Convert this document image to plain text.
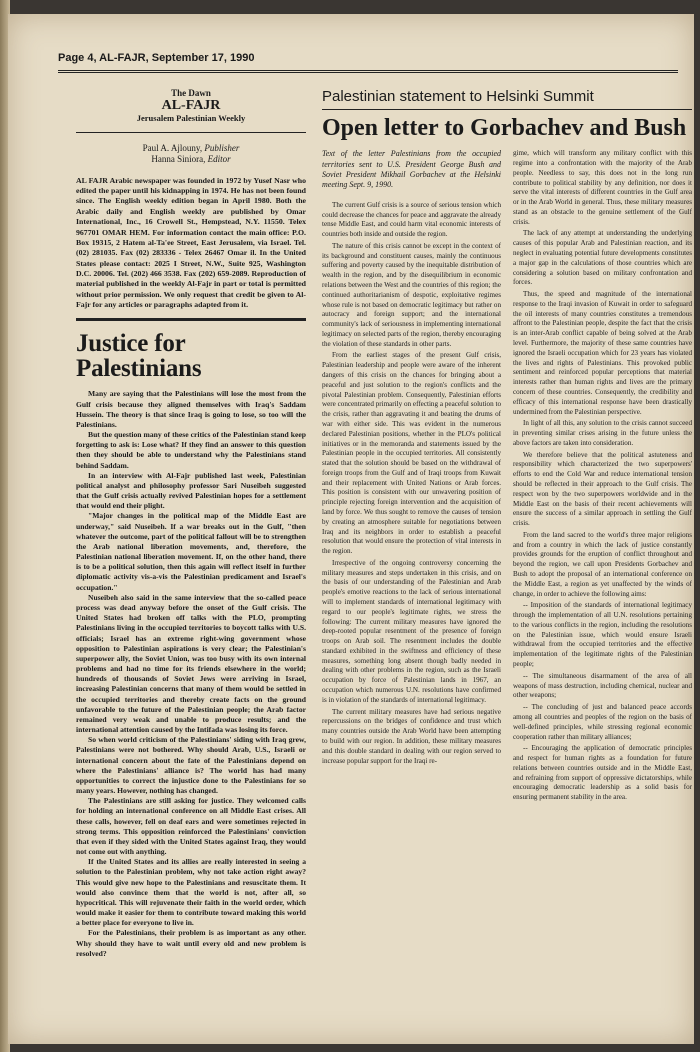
Page 4, AL-FAJR, September 17, 1990
The Dawn
AL-FAJR
Jerusalem Palestinian Weekly
Paul A. Ajlouny, Publisher
Hanna Siniora, Editor
AL FAJR Arabic newspaper was founded in 1972 by Yusef Nasr who edited the paper until his kidnapping in 1974. He has not been found since. The English weekly edition began in April 1980. Both the Arabic daily and English weekly are published by Omar International, Inc., 16 Crowell St., Hempstead, N.Y. 11550. Telex 967701 OMAR HEM. For information contact the main office: P.O. Box 19315, 2 Hatem al-Ta'ee Street, East Jerusalem, via Israel. Tel. (02) 281035. Fax (02) 283336 - Telex 26467 Omar il. In the United States please contact: 2025 I Street, N.W., Suite 925, Washington D.C. 20006. Tel. (202) 466 3538. Fax (202) 659-2089. Reproduction of material published in the weekly Al-Fajr in part or total is permitted without prior permission. We only request that credit be given to Al-Fajr for any articles or paragraphs adapted from it.
Justice for Palestinians

Many are saying that the Palestinians will lose the most from the Gulf crisis because they aligned themselves with Iraq's Saddam Hussein. The theory is that since Iraq is going to lose, so too will the Palestinians.

But the question many of these critics of the Palestinian stand keep forgetting to ask is: Lose what? If they find an answer to this question then they should be able to understand why the Palestinians stand behind Saddam.

In an interview with Al-Fajr published last week, Palestinian political analyst and philosophy professor Sari Nuseibeh suggested that the Gulf crisis actually revived Palestinian hopes for a settlement that would end their plight.

"Major changes in the political map of the Middle East are underway," said Nuseibeh. If a war breaks out in the Gulf, "then whatever the outcome, part of the political fallout will be to strengthen the Arab national liberation movements, and, therefore, the Palestinian national liberation movement. If, on the other hand, there is to be a political solution, then this again will reflect itself in further diplomatic activity vis-a-vis the Palestinian predicament and Israel's occupation."

Nuseibeh also said in the same interview that the so-called peace process was dead anyway before the onset of the Gulf crisis. The United States had broken off talks with the PLO, prompting Palestinians living in the occupied territories to boycott talks with U.S. officials; Israel has an extreme right-wing government whose opposition to Palestinian aspirations is very clear; the Palestinian's superpower ally, the Soviet Union, was too busy with its own internal problems and had no time for its friends elsewhere in the world; hundreds of thousands of Soviet Jews were arriving in Israel, increasing Palestinian concerns that many of them would be settled in the occupied territories and thereby create facts on the ground unfavorable to the future of the Palestinian people; the Arab factor remained very weak and unable to produce results; and the international attention caused by the Intifada was losing its force.

So when world criticism of the Palestinians' siding with Iraq grew, Palestinians were not bothered. Why should Arab, U.S., Israeli or international concern about the fate of the Palestinians depend on where the Palestinians' alliance is? The world has had many opportunities to correct the injustice done to the Palestinians for so many years. However, nothing has changed.

The Palestinians are still asking for justice. They welcomed calls for holding an international conference on all Middle East crises. All these calls, however, fell on deaf ears and were sometimes rejected in strong terms. This opposition reinforced the Palestinians' conviction that even if they sided with the United States against Iraq, they would not come out with anything.

If the United States and its allies are really interested in seeing a solution to the Palestinian problem, why not take action right away? This would give new hope to the Palestinians and resuscitate them. It would also convince them that the world is not, after all, so hypocritical. This will rejuvenate their faith in the world order, which would make it easier for them to contribute toward making this world a better place for everyone to live in.

For the Palestinians, their problem is as important as any other. Why should they have to wait until every old and new problem is resolved?

Palestinian statement to Helsinki Summit
Open letter to Gorbachev and Bush

Text of the letter Palestinians from the occupied territories sent to U.S. President George Bush and Soviet President Mikhail Gorbachev at the Helsinki meeting Sept. 9, 1990.

The current Gulf crisis is a source of serious tension which could decrease the chances for peace and aggravate the already tense Middle East, and could harm vital economic interests of countries both inside and outside the region.

The nature of this crisis cannot be except in the context of its background and constituent causes, mainly the continuous suffering and poverty caused by the inequitable distribution of wealth in the region, and by the disequilibrium in economic relations between the West and the countries of this region; the continued authoritarianism of despotic, exploitative regimes whose rule is not based on democratic legitimacy but rather on autocracy and foreign support; and the international community's lack of seriousness in implementing international legitimacy on selected parts of the region, thereby encouraging the violation of these standards in other parts.

From the earliest stages of the present Gulf crisis, Palestinian leadership and people were aware of the inherent dangers of this crisis on the chances for bringing about a peaceful and just solution to the region's conflicts and the pivotal Palestinian problem. Consequently, Palestinian efforts were concentrated primarily on effecting a peaceful solution to the crisis, rather than aggravating it and beating the drums of war with either side. This was evident in the numerous declared Palestinian positions, whether in the PLO's political initiatives or in the memoranda and statements issued by the Palestinian people in the occupied territories. All consistently stated that the solution should be based on the withdrawal of foreign troops from the Gulf and of Iraqi troops from Kuwait and their replacement with United Nations or Arab forces. This position is consistent with our unwavering position of principle rejecting foreign intervention and the acquisition of land by force. We thus sought to remove the causes of tension by creating an atmosphere suitable for negotiations between Iraq and its neighbors in order to establish a peaceful resolution that would ensure the protection of vital interests in the region.

Irrespective of the ongoing controversy concerning the military measures and steps undertaken in this crisis, and on the basis of our understanding of the Palestinian and Arab people's emotive reactions to the lack of serious international will to implement standards of international legitimacy with regard to our people's legitimate rights, we stress the following: The current military measures have ignored the deep-rooted popular resentment of the presence of foreign troops on Arab soil. The resentment includes the double standard exhibited in the swiftness and efficiency of these measures, something long absent though badly needed in dealing with other problems in the region, such as the Israeli occupation by force of Palestinian lands in 1967, an occupation which numerous U.N. resolutions have confirmed is in violation of the standards of international legitimacy.

The current military measures have had serious negative repercussions on the bridges of confidence and trust which many countries outside the Arab World have been attempting to build with our region. In addition, these military measures and this double standard in dealing with our region served to increase popular support for the Iraqi re-

gime, which will transform any military conflict with this regime into a confrontation with the majority of the Arab people. Needless to say, this does not in the long run contribute to political stability by any definition, nor does it serve the vital interests of different countries in the Gulf area or in the Arab World in general. Thus, these military measures stand as an obstacle to the genuine settlement of the Gulf crisis.

The lack of any attempt at understanding the underlying causes of this popular Arab and Palestinian reaction, and its neglect in evaluating potential future developments constitutes a major gap in the calculations of those countries which are considering a solution based on military confrontation and forces.

Thus, the speed and magnitude of the international response to the Iraqi invasion of Kuwait in order to safeguard the oil interests of many countries constitutes a tremendous affront to the Palestinian people, despite the fact that the crisis is an inter-Arab conflict capable of being solved at the Arab level. Furthermore, the majority of these same countries have ignored the Israeli occupation which for 23 years has violated the lives and rights of Palestinians. This provoked public sentiment and reinforced popular perceptions that material interests rather than human rights and lives are the primary concern of these countries. Consequently, the credibility and efficacy of this international response have been drastically undermined from the Palestinian perspective.

In light of all this, any solution to the crisis cannot succeed in preventing similar crises arising in the future unless the above factors are taken into consideration.

We therefore believe that the political astuteness and responsibility which characterized the two superpowers' efforts to end the Cold War and reduce international tension should be reflected in their approach to the Gulf crisis. The respect won by the two superpowers worldwide and in the Middle East on the basis of their recent achievements will ensure the success of a similar approach in settling the Gulf crisis.

From the land sacred to the world's three major religions and from a country in which the lack of justice constantly provides grounds for the eruption of conflict throughout and beyond the region, we call upon Presidents Gorbachev and Bush to adopt the proposal of an international conference on the Middle East, a region as yet unaffected by the winds of change, in order to achieve the following aims:

-- Imposition of the standards of international legitimacy through the implementation of all U.N. resolutions pertaining to the various conflicts in the region, including the resolutions on the Palestinian issue, which would ensure Israeli withdrawal from the occupied territories and the effective implementation of the legitimate rights of the Palestinian people;

-- The simultaneous disarmament of the area of all weapons of mass destruction, including chemical, nuclear and other weapons;

-- The concluding of just and balanced peace accords among all countries and peoples of the region on the basis of well-defined principles, while stressing regional economic cooperation rather than military alliances;

-- Encouraging the application of democratic principles and respect for human rights as a foundation for future relations between countries outside and in the Middle East, and refraining from support of oppressive dictatorships, while encouraging democratic leadership as a solid basis for ensuring permanent stability in the area.
